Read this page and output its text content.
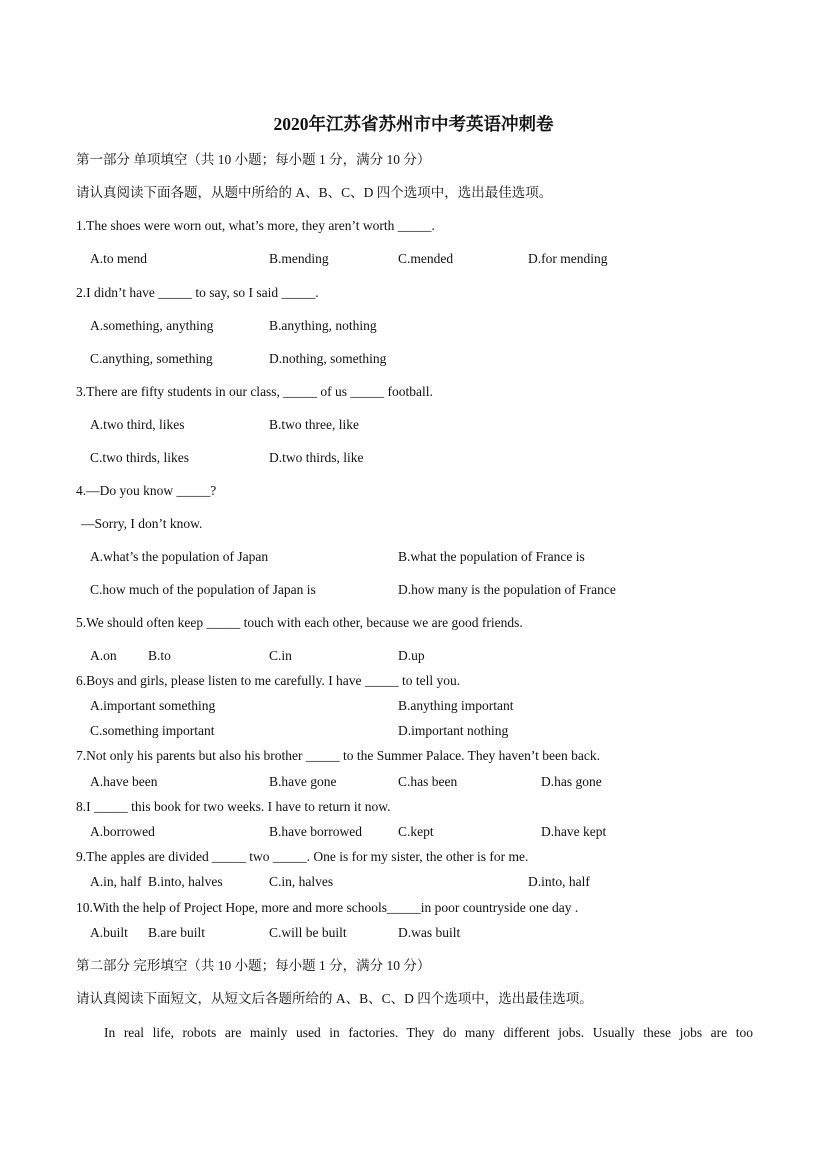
2020年江苏省苏州市中考英语冲刺卷
第一部分 单项填空（共 10 小题；每小题 1 分，满分 10 分）
请认真阅读下面各题，从题中所给的 A、B、C、D 四个选项中，选出最佳选项。
1.The shoes were worn out, what’s more, they aren’t worth _____.
A.to mend	B.mending	C.mended	D.for mending
2.I didn’t have _____ to say, so I said _____.
A.something, anything	B.anything, nothing
C.anything, something	D.nothing, something
3.There are fifty students in our class, _____ of us _____ football.
A.two third, likes	B.two three, like
C.two thirds, likes	D.two thirds, like
4.—Do you know _____?
—Sorry, I don’t know.
A.what’s the population of Japan	B.what the population of France is
C.how much of the population of Japan is	D.how many is the population of France
5.We should often keep _____ touch with each other, because we are good friends.
A.on B.to	C.in	D.up
6.Boys and girls, please listen to me carefully. I have _____ to tell you.
A.important something	B.anything important
C.something important	D.important nothing
7.Not only his parents but also his brother _____ to the Summer Palace. They haven’t been back.
A.have been	B.have gone	C.has been	D.has gone
8.I _____ this book for two weeks. I have to return it now.
A.borrowed	B.have borrowed	C.kept	D.have kept
9.The apples are divided _____ two _____. One is for my sister, the other is for me.
A.in, half B.into, halves	C.in, halves	D.into, half
10.With the help of Project Hope, more and more schools_____in poor countryside one day .
A.built B.are built	C.will be built	D.was built
第二部分 完形填空（共 10 小题；每小题 1 分，满分 10 分）
请认真阅读下面短文，从短文后各题所给的 A、B、C、D 四个选项中，选出最佳选项。
In real life, robots are mainly used in factories. They do many different jobs. Usually these jobs are too
